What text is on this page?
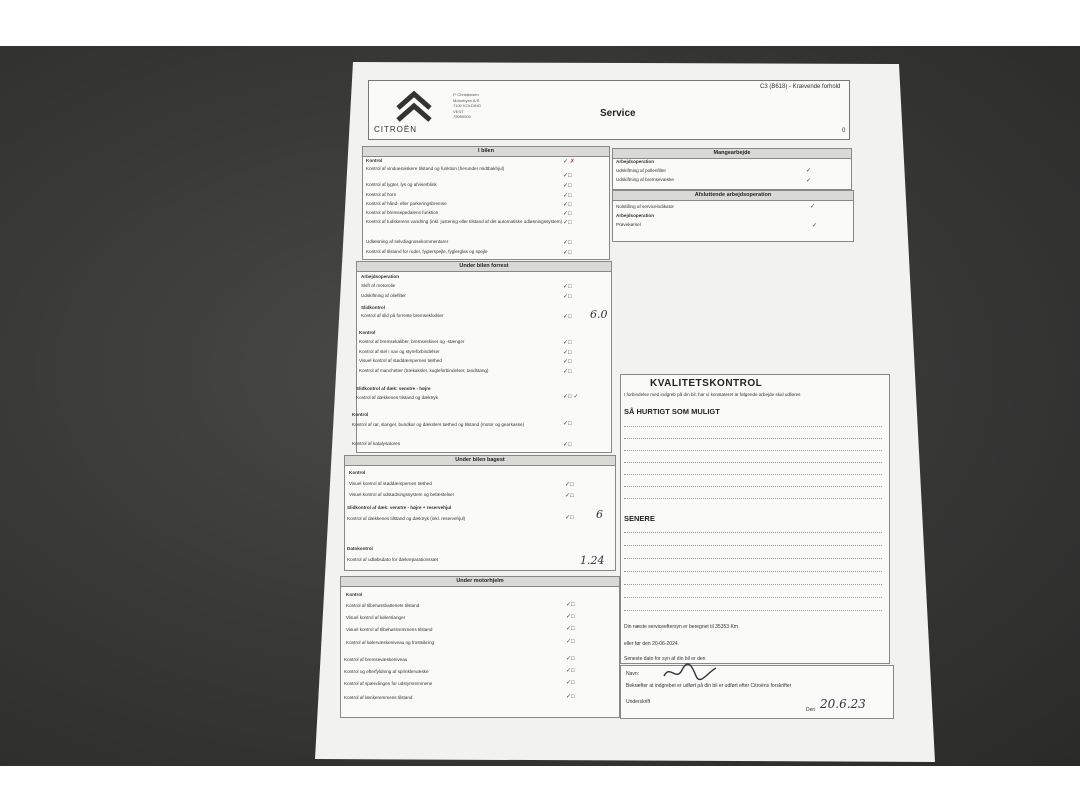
CITROËN
P. Christensen
Motorbyen A/S
7100 KOLDING
VEST
75050000	Service
C3 (B618) - Krævende forhold
0
I bilen
Kontrol
Kontrol af vinduesviskere tilstand og funktion (herunder midtbakhjul)
Kontrol af lygter, lys og afviserblink
Kontrol af horn
Kontrol af hånd- eller parkeringsbremse
Kontrol af bremsepedalens funktion
Kontrol af tudskerens vandring (inkl. justering eller tilstand af det automatiske udløsningssystem)
Udlæsning af selvdiagnosekommentarer
Kontrol af tilstand for ruder, fyglerspejle, fyglerglas og spejle
✓ ✗
✓□
✓□
✓□
✓□
✓□
✓□
✓□
✓□
Under bilen forrest
Arbejdsoperation
Skift af motorolie
Udskiftning af oliefilter
Slidkontrol
Kontrol af slid på forreste bremseklodser
Kontrol
Kontrol af bremsekaliber, bremseskiver og -stænger
Kontrol af stel i nav og styreforbindelser
Visuel kontrol af støddæmpernes tæthed
Kontrol af manchetter (trækaksler, kugleforbindelser, tandstang)
Slidkontrol af dæk: venstre - højre
Kontrol af dækkenes tilstand og dæktryk
Kontrol
Kontrol af rør, slanger, bundkar og dækslers tæthed og tilstand (motor og gearkasse)
Kontrol af katalysatoren
✓□
✓□
✓□ 6.0
✓□
✓□
✓□
✓□
✓□ ✓
✓□
✓□
Under bilen bagest
Kontrol
Visuel kontrol af støddæmpernes tæthed
Visuel kontrol af udstødningssystem og befæstelser
Slidkontrol af dæk: venstre - højre + reservehjul
Kontrol af dækkenes tilstand og dæktryk (inkl. reservehjul)
Datokontrol
Kontrol af udløbsdato for dækreparationssæt
✓□
✓□
✓□ 6
1.24
Under motorhjelm
Kontrol
Kontrol af tilbehørsbatteriets tilstand
Visuel kontrol af kølerslanger
Visuel kontrol af tilbehørsremmens tilstand
Kontrol af kølervæskeniveau og frostsikring
Kontrol af bremsevæskeniveau
Kontrol og efterfyldning af sprinklervæske
Kontrol af spændingen for udstyrsremmene
Kontrol af lænkeremmens tilstand
✓□
✓□
✓□
✓□
✓□
✓□
✓□
✓□
Mangearbejde
Arbejdsoperation
Udskiftning af pollenfilter
Udskiftning af bremsevæske
✓
✓
Afsluttende arbejdsoperation
Nulstilling af serviceindikator
Arbejdsoperation
Prøvekørsel
✓
✓
KVALITETSKONTROL
I forbindelse med indgreb på din bil, har vi konstateret at følgende arbejde skal udføres
SÅ HURTIGT SOM MULIGT
SENERE
Din næste serviceeftersyn er beregnet til 35353 Km
eller før den 20-06-2024.
Seneste dato for syn af din bil er den
Navn:
Bekræfter at indgrebet er udført på din bil er udført efter Citroëns forskrifter
Underskrift
Den 20.6.23
